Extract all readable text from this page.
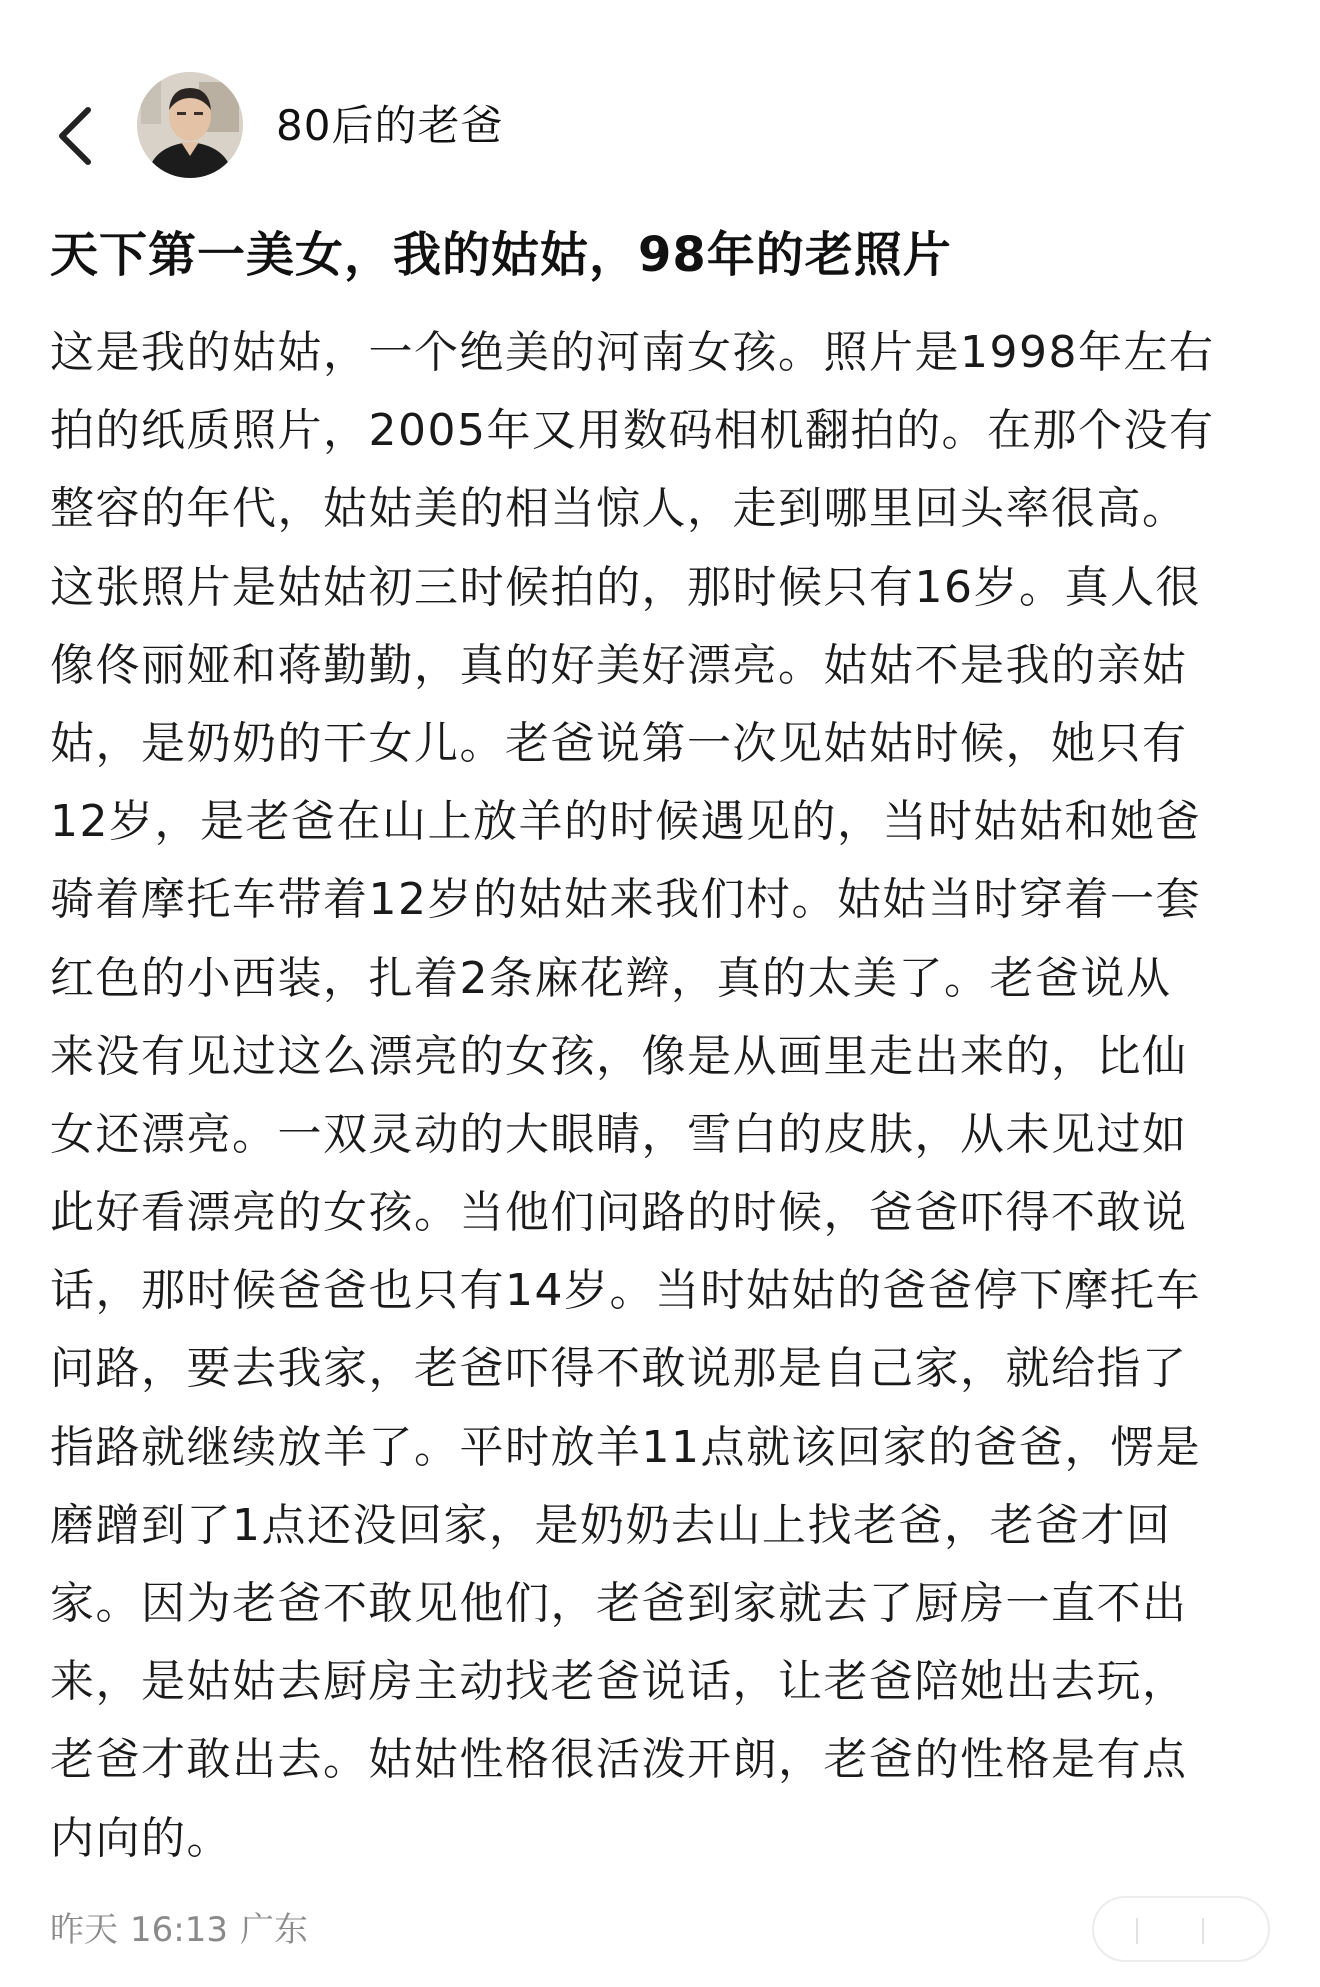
80后的老爸
天下第一美女，我的姑姑，98年的老照片
这是我的姑姑，一个绝美的河南女孩。照片是1998年左右
拍的纸质照片，2005年又用数码相机翻拍的。在那个没有
整容的年代，姑姑美的相当惊人，走到哪里回头率很高。
这张照片是姑姑初三时候拍的，那时候只有16岁。真人很
像佟丽娅和蒋勤勤，真的好美好漂亮。姑姑不是我的亲姑
姑，是奶奶的干女儿。老爸说第一次见姑姑时候，她只有
12岁，是老爸在山上放羊的时候遇见的，当时姑姑和她爸
骑着摩托车带着12岁的姑姑来我们村。姑姑当时穿着一套
红色的小西装，扎着2条麻花辫，真的太美了。老爸说从
来没有见过这么漂亮的女孩，像是从画里走出来的，比仙
女还漂亮。一双灵动的大眼睛，雪白的皮肤，从未见过如
此好看漂亮的女孩。当他们问路的时候，爸爸吓得不敢说
话，那时候爸爸也只有14岁。当时姑姑的爸爸停下摩托车
问路，要去我家，老爸吓得不敢说那是自己家，就给指了
指路就继续放羊了。平时放羊11点就该回家的爸爸，愣是
磨蹭到了1点还没回家，是奶奶去山上找老爸，老爸才回
家。因为老爸不敢见他们，老爸到家就去了厨房一直不出
来，是姑姑去厨房主动找老爸说话，让老爸陪她出去玩，
老爸才敢出去。姑姑性格很活泼开朗，老爸的性格是有点
内向的。
昨天 16:13 广东
